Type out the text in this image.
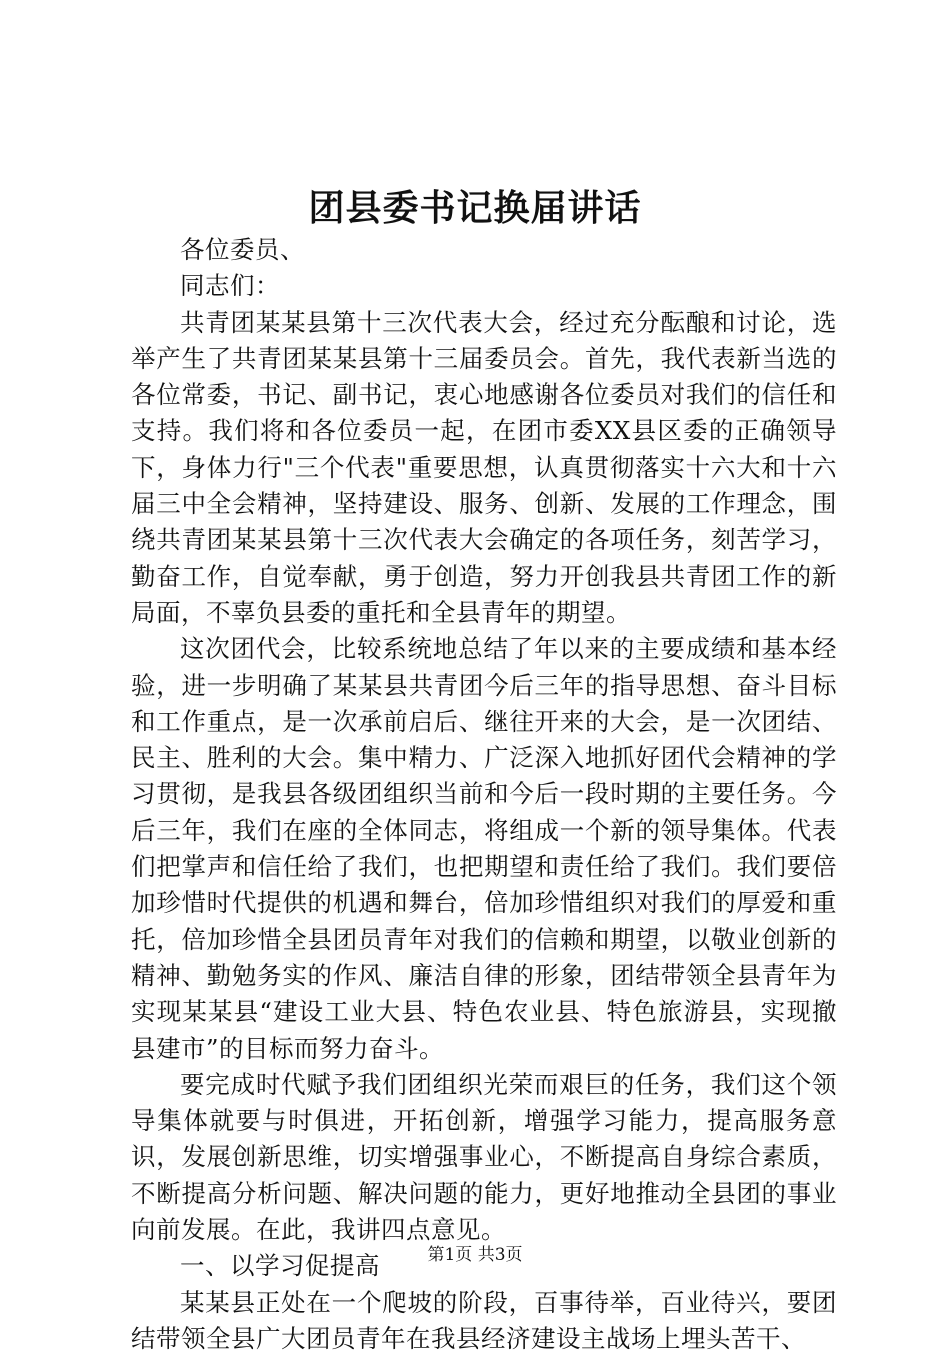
团县委书记换届讲话

各位委员、

同志们：

共青团某某县第十三次代表大会，经过充分酝酿和讨论，选举产生了共青团某某县第十三届委员会。首先，我代表新当选的各位常委，书记、副书记，衷心地感谢各位委员对我们的信任和支持。我们将和各位委员一起，在团市委XX县区委的正确领导下，身体力行"三个代表"重要思想，认真贯彻落实十六大和十六届三中全会精神，坚持建设、服务、创新、发展的工作理念，围绕共青团某某县第十三次代表大会确定的各项任务，刻苦学习，勤奋工作，自觉奉献，勇于创造，努力开创我县共青团工作的新局面，不辜负县委的重托和全县青年的期望。

这次团代会，比较系统地总结了年以来的主要成绩和基本经验，进一步明确了某某县共青团今后三年的指导思想、奋斗目标和工作重点，是一次承前启后、继往开来的大会，是一次团结、民主、胜利的大会。集中精力、广泛深入地抓好团代会精神的学习贯彻，是我县各级团组织当前和今后一段时期的主要任务。今后三年，我们在座的全体同志，将组成一个新的领导集体。代表们把掌声和信任给了我们，也把期望和责任给了我们。我们要倍加珍惜时代提供的机遇和舞台，倍加珍惜组织对我们的厚爱和重托，倍加珍惜全县团员青年对我们的信赖和期望，以敬业创新的精神、勤勉务实的作风、廉洁自律的形象，团结带领全县青年为实现某某县“建设工业大县、特色农业县、特色旅游县，实现撤县建市”的目标而努力奋斗。

要完成时代赋予我们团组织光荣而艰巨的任务，我们这个领导集体就要与时俱进，开拓创新，增强学习能力，提高服务意识，发展创新思维，切实增强事业心，不断提高自身综合素质，不断提高分析问题、解决问题的能力，更好地推动全县团的事业向前发展。在此，我讲四点意见。

一、以学习促提高

某某县正处在一个爬坡的阶段，百事待举，百业待兴，要团结带领全县广大团员青年在我县经济建设主战场上埋头苦干、

第1页 共3页
